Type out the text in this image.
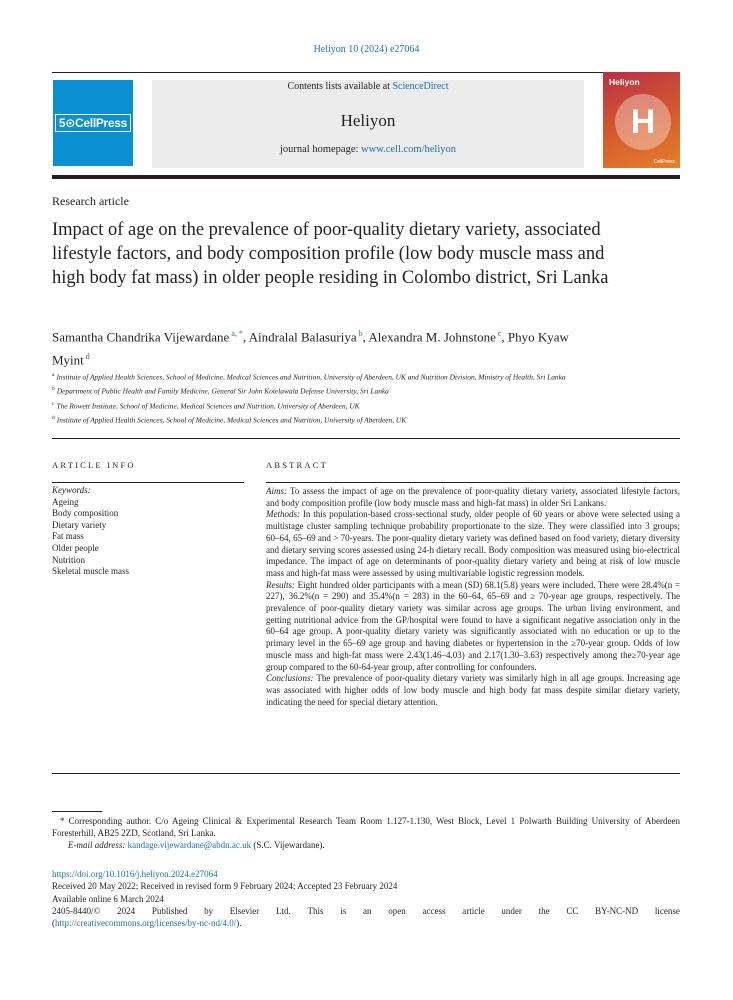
Heliyon 10 (2024) e27064
5⊙CellPress
Contents lists available at ScienceDirect
Heliyon
journal homepage: www.cell.com/heliyon
Heliyon
H
CellPress
Research article
Impact of age on the prevalence of poor-quality dietary variety, associated lifestyle factors, and body composition profile (low body muscle mass and high body fat mass) in older people residing in Colombo district, Sri Lanka
Samantha Chandrika Vijewardane $^{a, *}$, Aindralal Balasuriya $^b$, Alexandra M. Johnstone $^c$, Phyo Kyaw Myint $^d$
$^a$ Institute of Applied Health Sciences, School of Medicine, Medical Sciences and Nutrition, University of Aberdeen, UK and Nutrition Division, Ministry of Health, Sri Lanka
$^b$ Department of Public Health and Family Medicine, General Sir John Kotelawala Defense University, Sri Lanka
$^c$ The Rowett Institute, School of Medicine, Medical Sciences and Nutrition, University of Aberdeen, UK
$^d$ Institute of Applied Health Sciences, School of Medicine, Medical Sciences and Nutrition, University of Aberdeen, UK
ARTICLE INFO	ABSTRACT
Keywords:
Ageing
Body composition
Dietary variety
Fat mass
Older people
Nutrition
Skeletal muscle mass

Aims: To assess the impact of age on the prevalence of poor-quality dietary variety, associated lifestyle factors, and body composition profile (low body muscle mass and high-fat mass) in older Sri Lankans.

Methods: In this population-based cross-sectional study, older people of 60 years or above were selected using a multistage cluster sampling technique probability proportionate to the size. They were classified into 3 groups; 60–64, 65–69 and > 70-years. The poor-quality dietary variety was defined based on food variety, dietary diversity and dietary serving scores assessed using 24-h dietary recall. Body composition was measured using bio-electrical impedance. The impact of age on determinants of poor-quality dietary variety and being at risk of low muscle mass and high-fat mass were assessed by using multivariable logistic regression models.

Results: Eight hundred older participants with a mean (SD) 68.1(5.8) years were included. There were 28.4%(n = 227), 36.2%(n = 290) and 35.4%(n = 283) in the 60–64, 65–69 and ≥ 70-year age groups, respectively. The prevalence of poor-quality dietary variety was similar across age groups. The urban living environment, and getting nutritional advice from the GP/hospital were found to have a significant negative association only in the 60–64 age group. A poor-quality dietary variety was significantly associated with no education or up to the primary level in the 65–69 age group and having diabetes or hypertension in the ≥70-year group. Odds of low muscle mass and high-fat mass were 2.43(1.46–4.03) and 2.17(1.30–3.63) respectively among the≥70-year age group compared to the 60-64-year group, after controlling for confounders.

Conclusions: The prevalence of poor-quality dietary variety was similarly high in all age groups. Increasing age was associated with higher odds of low body muscle and high body fat mass despite similar dietary variety, indicating the need for special dietary attention.

* Corresponding author. C/o Ageing Clinical & Experimental Research Team Room 1.127-1.130, West Block, Level 1 Polwarth Building University of Aberdeen Foresterhill, AB25 2ZD, Scotland, Sri Lanka.
E-mail address: kandage.vijewardane@abdn.ac.uk (S.C. Vijewardane).
https://doi.org/10.1016/j.heliyon.2024.e27064
Received 20 May 2022; Received in revised form 9 February 2024; Accepted 23 February 2024
Available online 6 March 2024
2405-8440/© 2024 Published by Elsevier Ltd. This is an open access article under the CC BY-NC-ND license
(http://creativecommons.org/licenses/by-nc-nd/4.0/).
